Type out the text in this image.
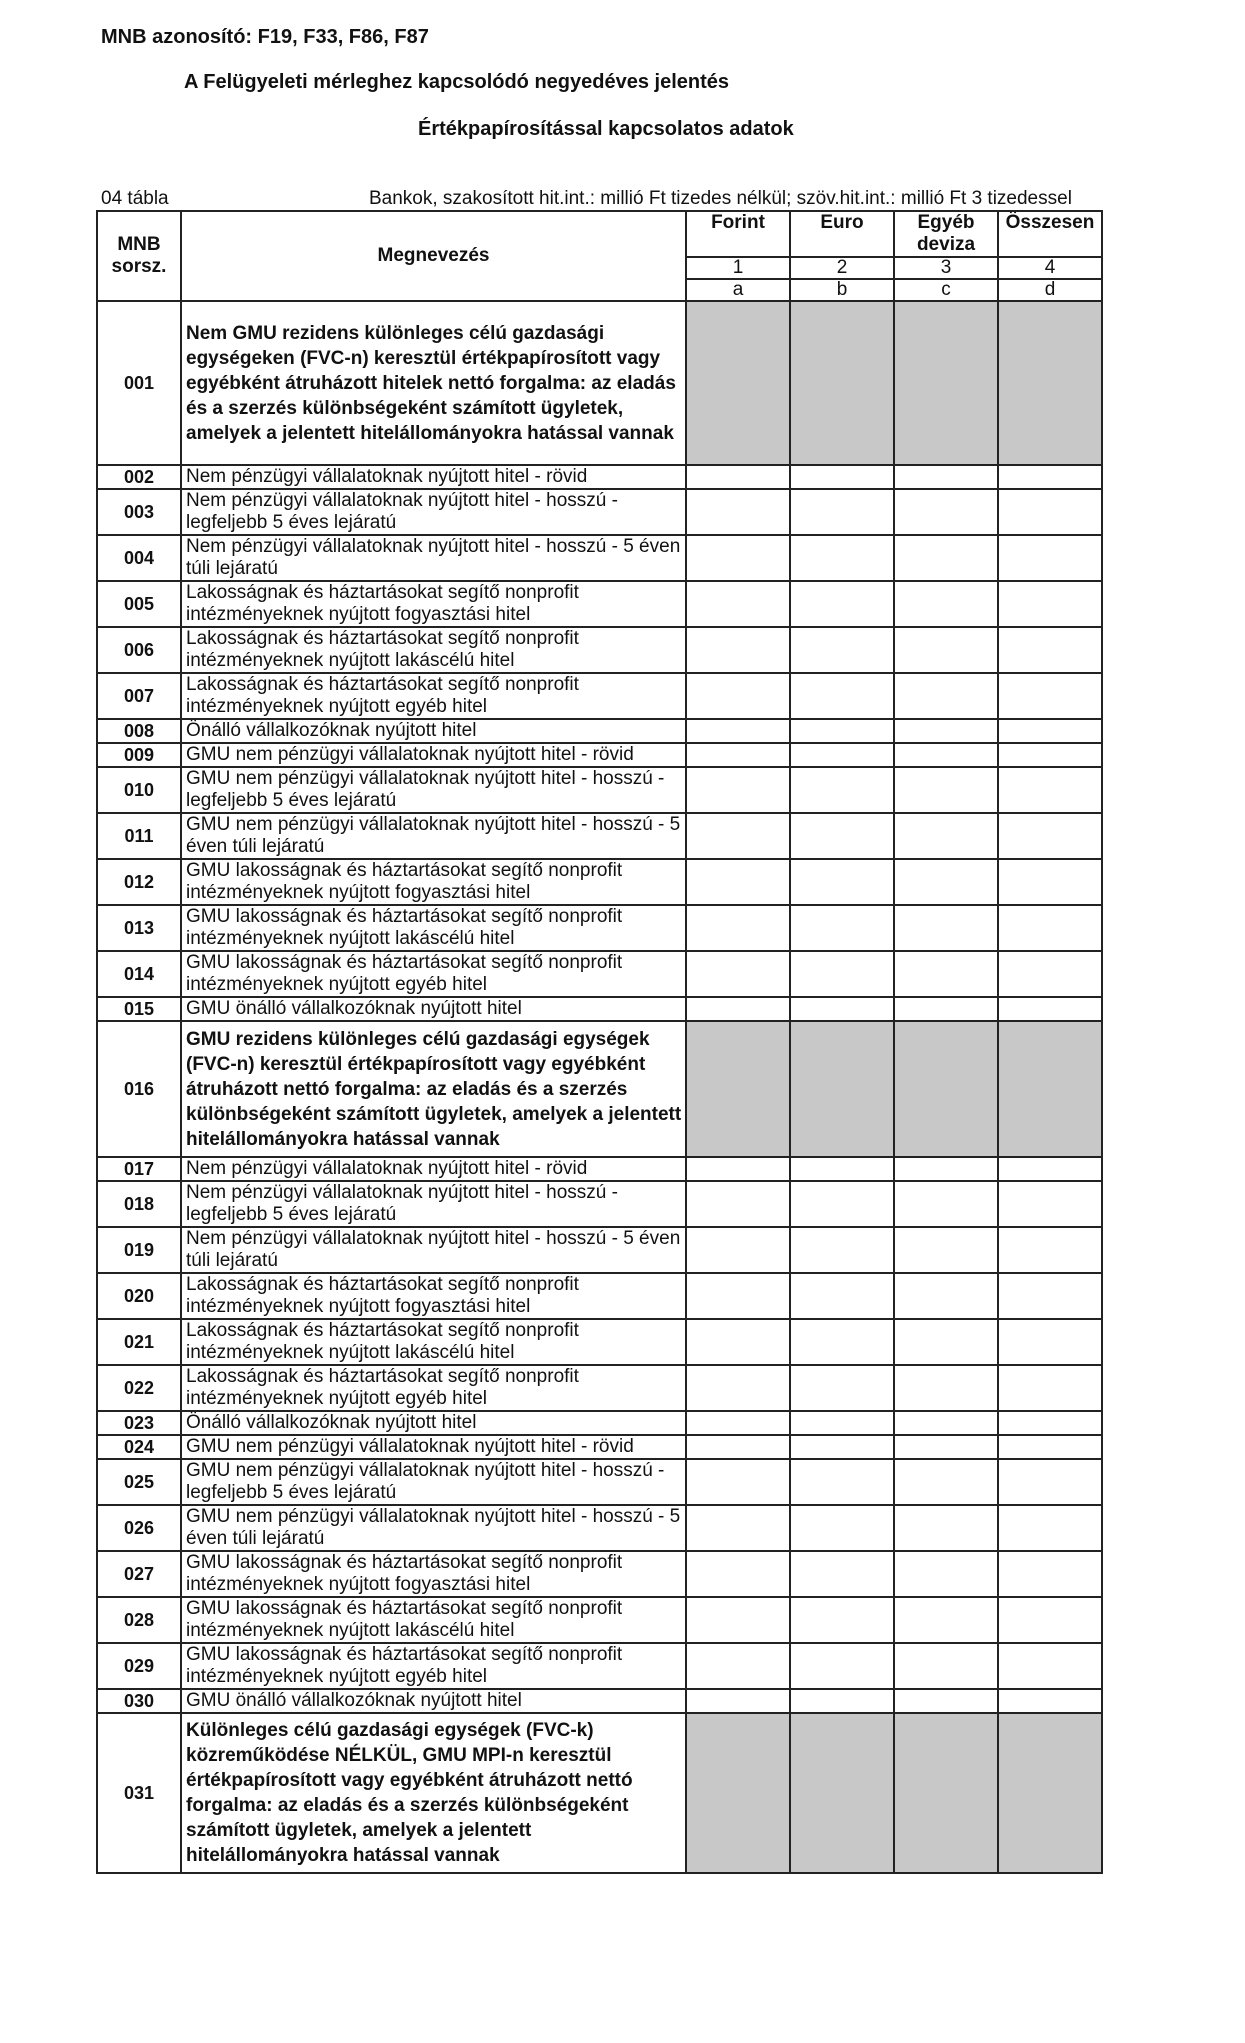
MNB azonosító: F19, F33, F86, F87
A Felügyeleti mérleghez kapcsolódó negyedéves jelentés
Értékpapírosítással kapcsolatos adatok
04 tábla	Bankok, szakosított hit.int.: millió Ft tizedes nélkül; szöv.hit.int.: millió Ft 3 tizedessel
MNB sorsz.	Megnevezés	Forint	Euro	Egyéb deviza	Összesen
		1	2	3	4
		a	b	c	d
001	Nem GMU rezidens különleges célú gazdasági egységeken (FVC-n) keresztül értékpapírosított vagy egyébként átruházott hitelek nettó forgalma: az eladás és a szerzés különbségeként számított ügyletek, amelyek a jelentett hitelállományokra hatással vannak				
002	Nem pénzügyi vállalatoknak nyújtott hitel - rövid				
003	Nem pénzügyi vállalatoknak nyújtott hitel - hosszú - legfeljebb 5 éves lejáratú				
004	Nem pénzügyi vállalatoknak nyújtott hitel - hosszú - 5 éven túli lejáratú				
005	Lakosságnak és háztartásokat segítő nonprofit intézményeknek nyújtott fogyasztási hitel				
006	Lakosságnak és háztartásokat segítő nonprofit intézményeknek nyújtott lakáscélú hitel				
007	Lakosságnak és háztartásokat segítő nonprofit intézményeknek nyújtott egyéb hitel				
008	Önálló vállalkozóknak nyújtott hitel				
009	GMU nem pénzügyi vállalatoknak nyújtott hitel - rövid				
010	GMU nem pénzügyi vállalatoknak nyújtott hitel - hosszú - legfeljebb 5 éves lejáratú				
011	GMU nem pénzügyi vállalatoknak nyújtott hitel - hosszú - 5 éven túli lejáratú				
012	GMU lakosságnak és háztartásokat segítő nonprofit intézményeknek nyújtott fogyasztási hitel				
013	GMU lakosságnak és háztartásokat segítő nonprofit intézményeknek nyújtott lakáscélú hitel				
014	GMU lakosságnak és háztartásokat segítő nonprofit intézményeknek nyújtott egyéb hitel				
015	GMU önálló vállalkozóknak nyújtott hitel				
016	GMU rezidens különleges célú gazdasági egységek (FVC-n) keresztül értékpapírosított vagy egyébként átruházott nettó forgalma: az eladás és a szerzés különbségeként számított ügyletek, amelyek a jelentett hitelállományokra hatással vannak				
017	Nem pénzügyi vállalatoknak nyújtott hitel - rövid				
018	Nem pénzügyi vállalatoknak nyújtott hitel - hosszú - legfeljebb 5 éves lejáratú				
019	Nem pénzügyi vállalatoknak nyújtott hitel - hosszú - 5 éven túli lejáratú				
020	Lakosságnak és háztartásokat segítő nonprofit intézményeknek nyújtott fogyasztási hitel				
021	Lakosságnak és háztartásokat segítő nonprofit intézményeknek nyújtott lakáscélú hitel				
022	Lakosságnak és háztartásokat segítő nonprofit intézményeknek nyújtott egyéb hitel				
023	Önálló vállalkozóknak nyújtott hitel				
024	GMU nem pénzügyi vállalatoknak nyújtott hitel - rövid				
025	GMU nem pénzügyi vállalatoknak nyújtott hitel - hosszú - legfeljebb 5 éves lejáratú				
026	GMU nem pénzügyi vállalatoknak nyújtott hitel - hosszú - 5 éven túli lejáratú				
027	GMU lakosságnak és háztartásokat segítő nonprofit intézményeknek nyújtott fogyasztási hitel				
028	GMU lakosságnak és háztartásokat segítő nonprofit intézményeknek nyújtott lakáscélú hitel				
029	GMU lakosságnak és háztartásokat segítő nonprofit intézményeknek nyújtott egyéb hitel				
030	GMU önálló vállalkozóknak nyújtott hitel				
031	Különleges célú gazdasági egységek (FVC-k) közreműködése NÉLKÜL, GMU MPI-n keresztül értékpapírosított vagy egyébként átruházott nettó forgalma: az eladás és a szerzés különbségeként számított ügyletek, amelyek a jelentett hitelállományokra hatással vannak				
